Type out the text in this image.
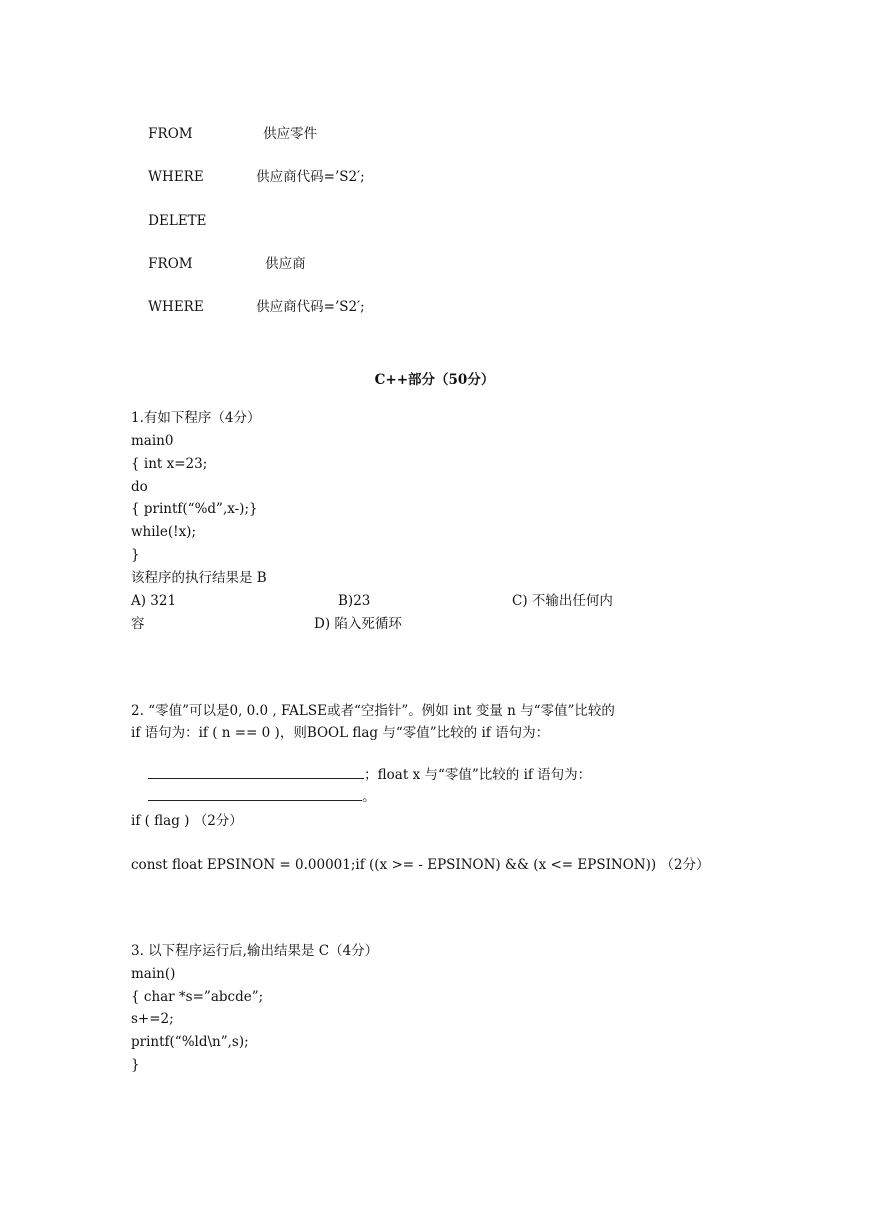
FROM	供应零件

WHERE	供应商代码=’S2′;

DELETE

FROM	供应商

WHERE	供应商代码=’S2′;

C++部分（50分）
1.有如下程序（4分）
main0
{ int x=23;
do
{ printf(“%d”,x-);}
while(!x);
}
该程序的执行结果是 B
A) 321	B)23	C) 不输出任何内
容	D) 陷入死循环
2. “零值”可以是0, 0.0 , FALSE或者“空指针”。例如 int 变量 n 与“零值”比较的
if 语句为：if ( n == 0 )，则BOOL flag 与“零值”比较的 if 语句为：

；float x 与“零值”比较的 if 语句为：

。

if ( flag ) （2分）
const float EPSINON = 0.00001;if ((x >= - EPSINON) && (x <= EPSINON)) （2分）
3. 以下程序运行后,输出结果是 C（4分）
main()
{ char *s=”abcde”;
s+=2;
printf(“%ld\n”,s);
}
